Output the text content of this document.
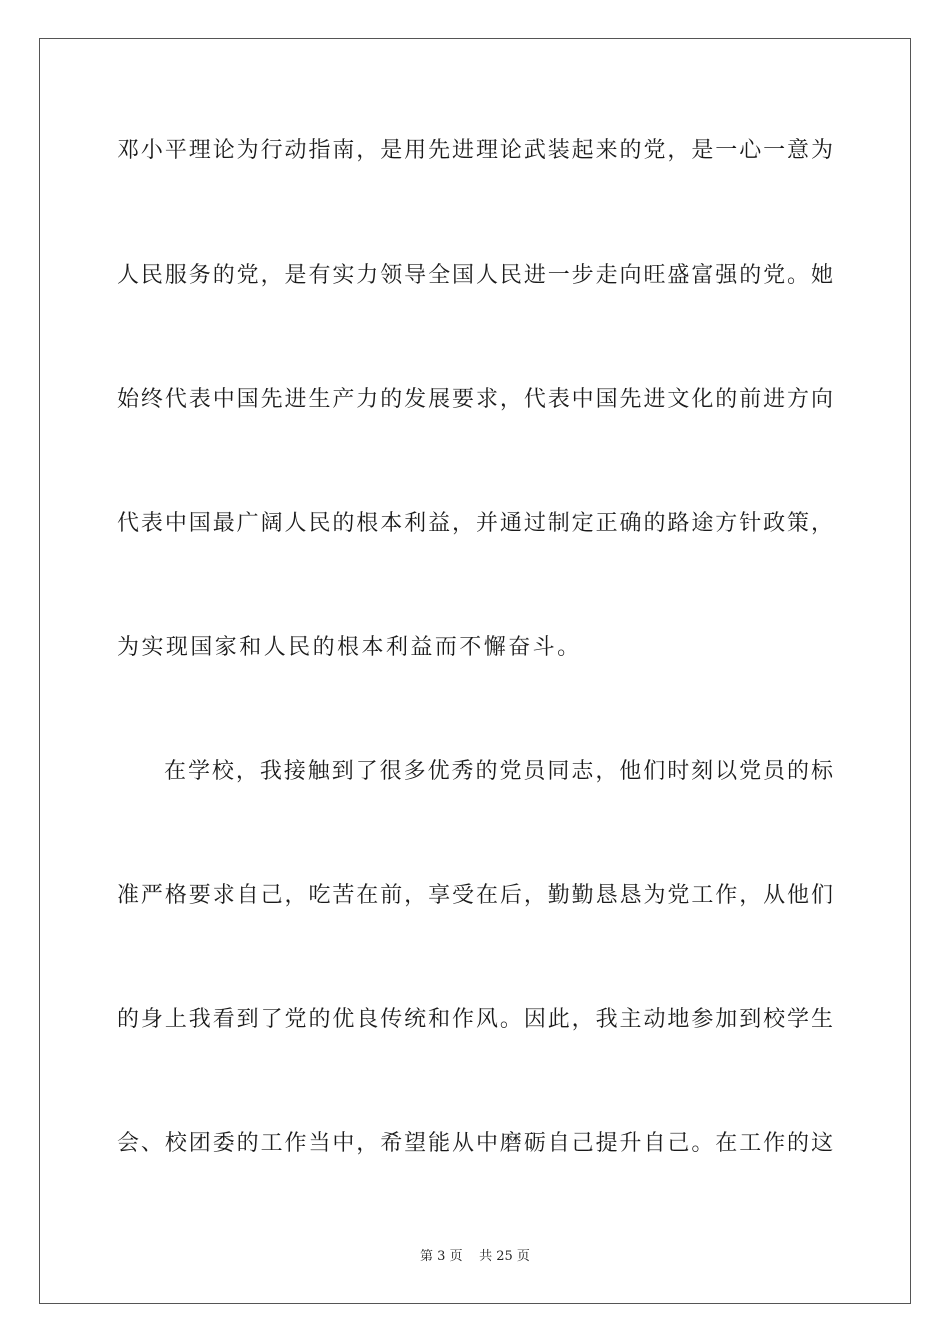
邓小平理论为行动指南，是用先进理论武装起来的党，是一心一意为
人民服务的党，是有实力领导全国人民进一步走向旺盛富强的党。她
始终代表中国先进生产力的发展要求，代表中国先进文化的前进方向
代表中国最广阔人民的根本利益，并通过制定正确的路途方针政策，
为实现国家和人民的根本利益而不懈奋斗。
在学校，我接触到了很多优秀的党员同志，他们时刻以党员的标
准严格要求自己，吃苦在前，享受在后，勤勤恳恳为党工作，从他们
的身上我看到了党的优良传统和作风。因此，我主动地参加到校学生
会、校团委的工作当中，希望能从中磨砺自己提升自己。在工作的这
第 3 页 共 25 页
